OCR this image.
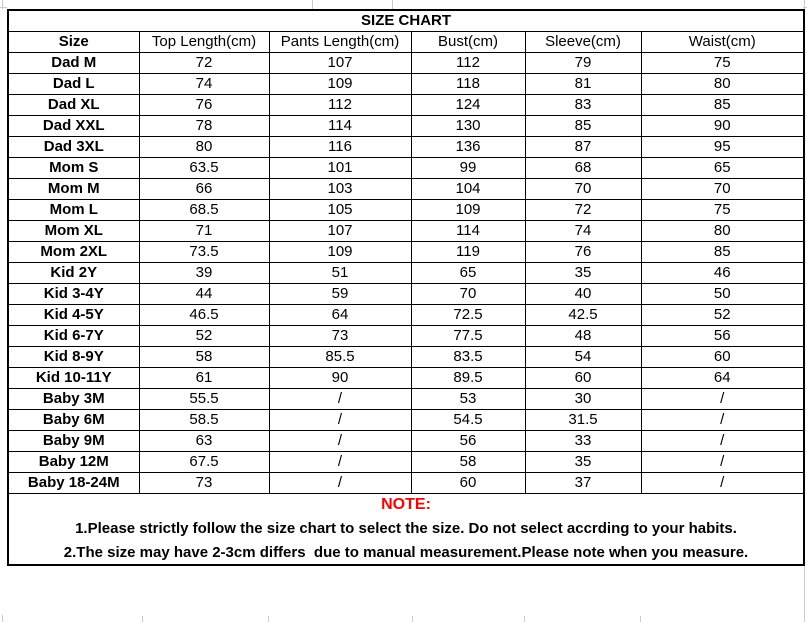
SIZE CHART					
Size	Top Length(cm)	Pants Length(cm)	Bust(cm)	Sleeve(cm)	Waist(cm)
Dad M	72	107	112	79	75
Dad L	74	109	118	81	80
Dad XL	76	112	124	83	85
Dad XXL	78	114	130	85	90
Dad 3XL	80	116	136	87	95
Mom S	63.5	101	99	68	65
Mom M	66	103	104	70	70
Mom L	68.5	105	109	72	75
Mom XL	71	107	114	74	80
Mom 2XL	73.5	109	119	76	85
Kid 2Y	39	51	65	35	46
Kid 3-4Y	44	59	70	40	50
Kid 4-5Y	46.5	64	72.5	42.5	52
Kid 6-7Y	52	73	77.5	48	56
Kid 8-9Y	58	85.5	83.5	54	60
Kid 10-11Y	61	90	89.5	60	64
Baby 3M	55.5	/	53	30	/
Baby 6M	58.5	/	54.5	31.5	/
Baby 9M	63	/	56	33	/
Baby 12M	67.5	/	58	35	/
Baby 18-24M	73	/	60	37	/

NOTE:
1.Please strictly follow the size chart to select the size. Do not select accrding to your habits.
2.The size may have 2-3cm differs  due to manual measurement.Please note when you measure.					
